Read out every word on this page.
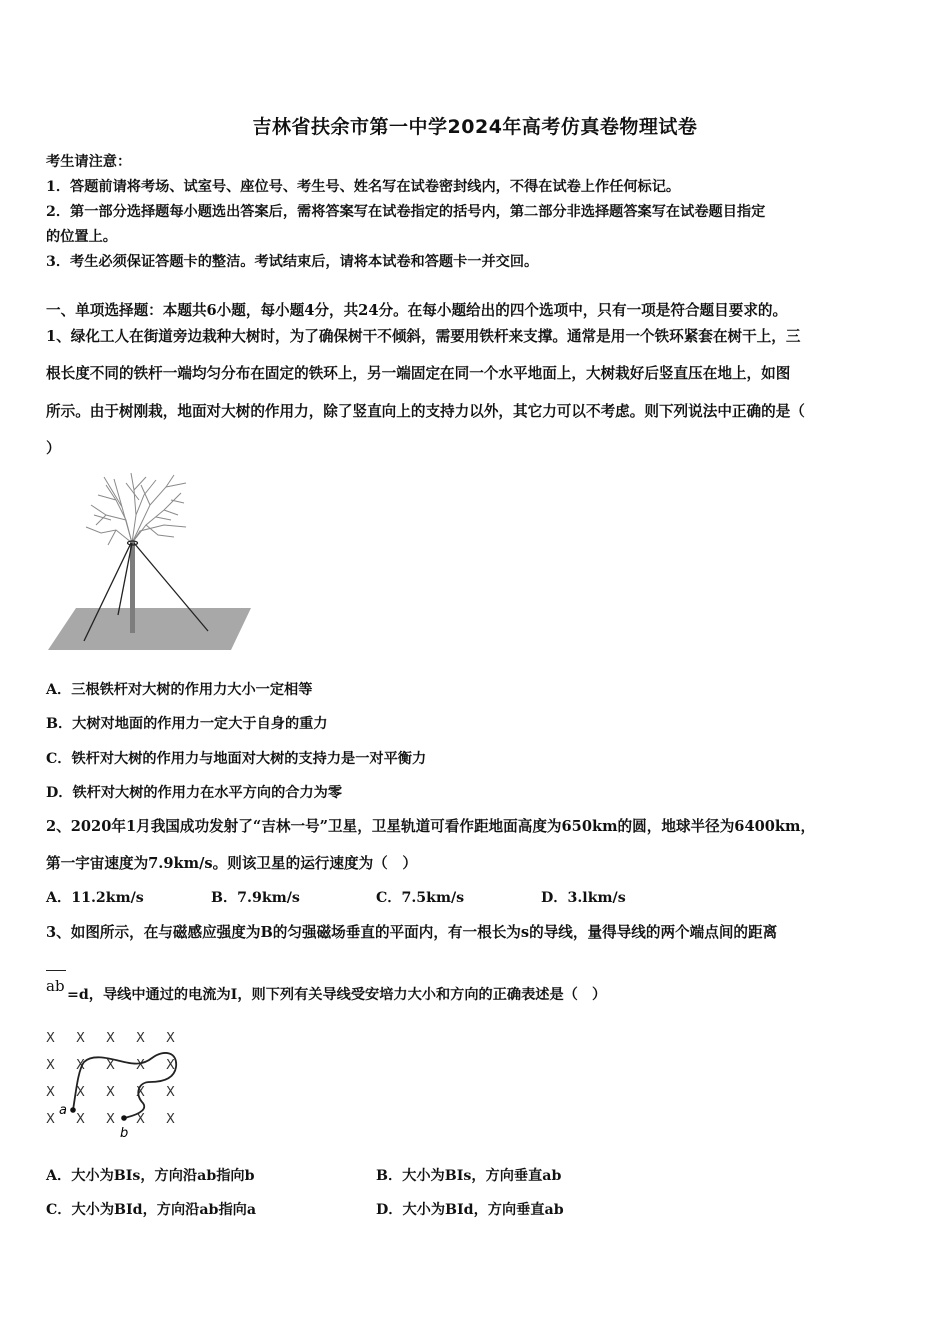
吉林省扶余市第一中学2024年高考仿真卷物理试卷
考生请注意：
1．答题前请将考场、试室号、座位号、考生号、姓名写在试卷密封线内，不得在试卷上作任何标记。
2．第一部分选择题每小题选出答案后，需将答案写在试卷指定的括号内，第二部分非选择题答案写在试卷题目指定
的位置上。
3．考生必须保证答题卡的整洁。考试结束后，请将本试卷和答题卡一并交回。
一、单项选择题：本题共6小题，每小题4分，共24分。在每小题给出的四个选项中，只有一项是符合题目要求的。
1、绿化工人在街道旁边栽种大树时，为了确保树干不倾斜，需要用铁杆来支撑。通常是用一个铁环紧套在树干上，三
根长度不同的铁杆一端均匀分布在固定的铁环上，另一端固定在同一个水平地面上，大树栽好后竖直压在地上，如图
所示。由于树刚栽，地面对大树的作用力，除了竖直向上的支持力以外，其它力可以不考虑。则下列说法中正确的是（
）
A．三根铁杆对大树的作用力大小一定相等
B．大树对地面的作用力一定大于自身的重力
C．铁杆对大树的作用力与地面对大树的支持力是一对平衡力
D．铁杆对大树的作用力在水平方向的合力为零
2、2020年1月我国成功发射了“吉林一号”卫星，卫星轨道可看作距地面高度为650km的圆，地球半径为6400km，
第一宇宙速度为7.9km/s。则该卫星的运行速度为（　）
A．11.2km/s	B．7.9km/s	C．7.5km/s	D．3.lkm/s
3、如图所示，在与磁感应强度为B的匀强磁场垂直的平面内，有一根长为s的导线，量得导线的两个端点间的距离
ab =d，导线中通过的电流为I，则下列有关导线受安培力大小和方向的正确表述是（　）
X X X X X
X X X X X
X X X X X
X X X X X
a
b
A．大小为BIs，方向沿ab指向b	B．大小为BIs，方向垂直ab
C．大小为BId，方向沿ab指向a	D．大小为BId，方向垂直ab
